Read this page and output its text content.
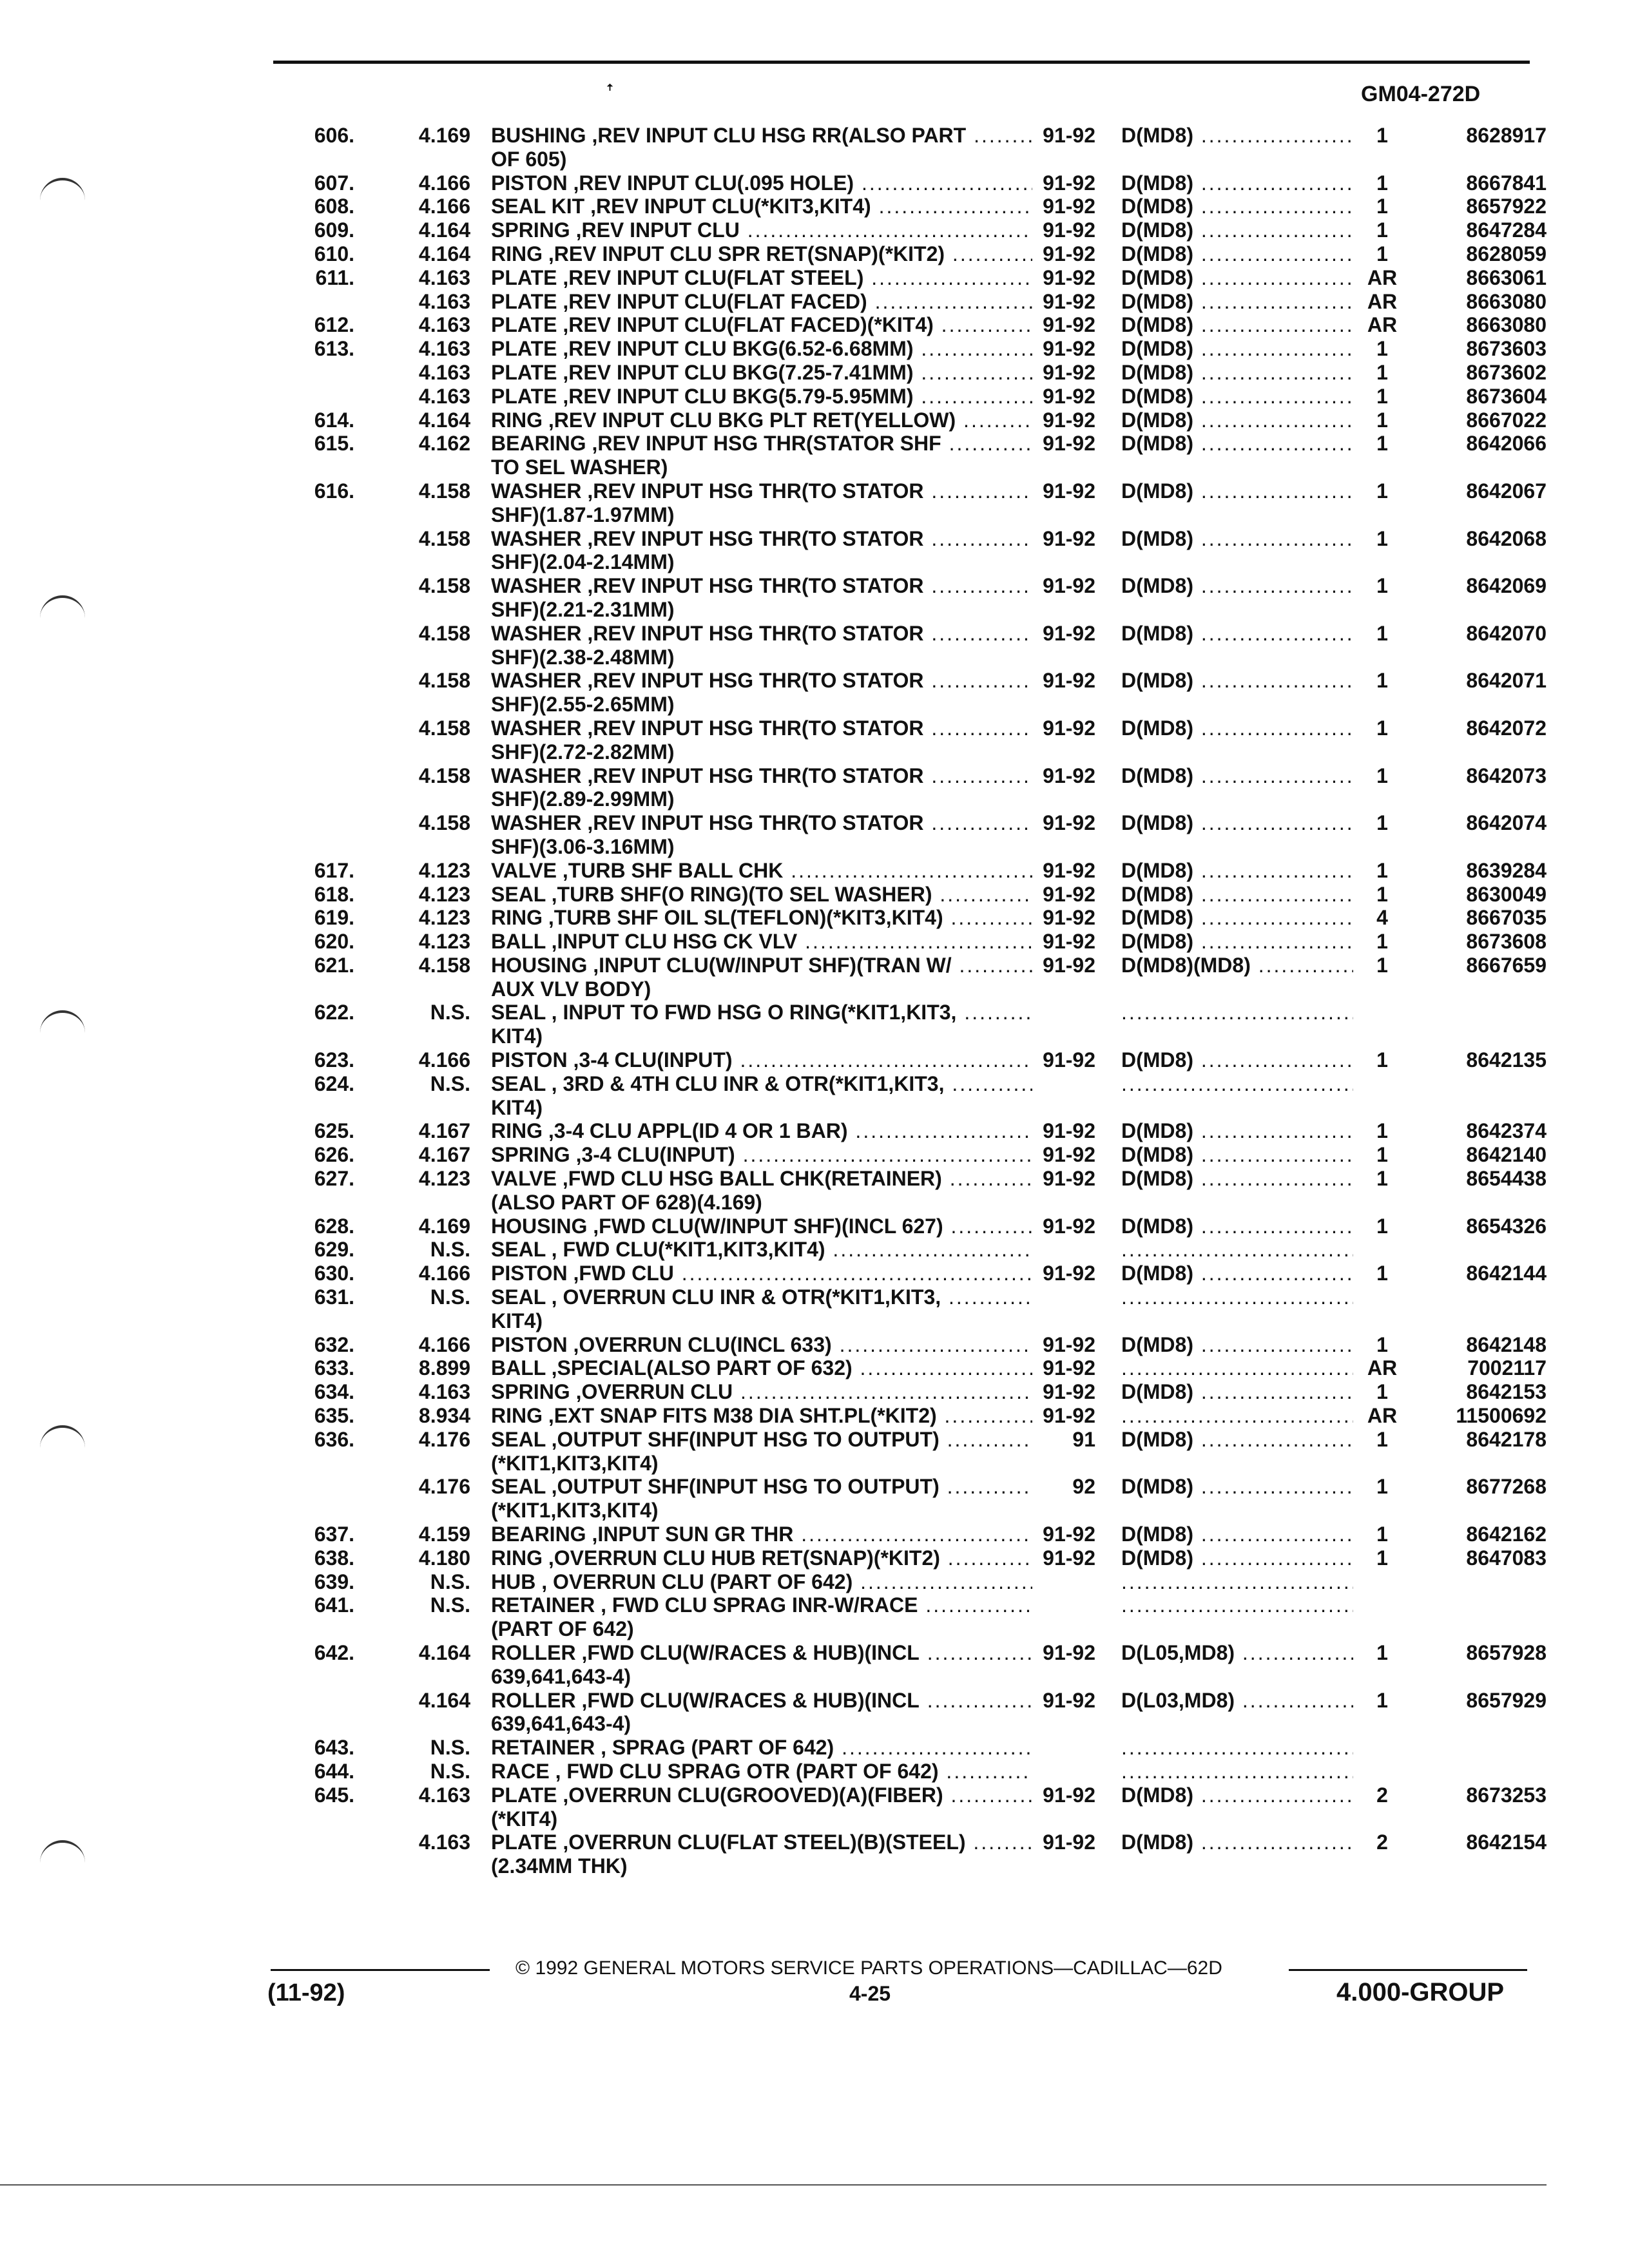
ꜛ	GM04-272D
606.	4.169 BUSHING ,REV INPUT CLU HSG RR(ALSO PART .....	91-92 D(MD8) .....	1	8628917
OF 605)
607.	4.166 PISTON ,REV INPUT CLU(.095 HOLE) .....	91-92 D(MD8) .....	1	8667841
608.	4.166 SEAL KIT ,REV INPUT CLU(*KIT3,KIT4) .....	91-92 D(MD8) .....	1	8657922
609.	4.164 SPRING ,REV INPUT CLU .....	91-92 D(MD8) .....	1	8647284
610.	4.164 RING ,REV INPUT CLU SPR RET(SNAP)(*KIT2) .....	91-92 D(MD8) .....	1	8628059
611.	4.163 PLATE ,REV INPUT CLU(FLAT STEEL) .....	91-92 D(MD8) .....	AR	8663061
4.163 PLATE ,REV INPUT CLU(FLAT FACED) .....	91-92 D(MD8) .....	AR	8663080
612.	4.163 PLATE ,REV INPUT CLU(FLAT FACED)(*KIT4) .....	91-92 D(MD8) .....	AR	8663080
613.	4.163 PLATE ,REV INPUT CLU BKG(6.52-6.68MM) .....	91-92 D(MD8) .....	1	8673603
4.163 PLATE ,REV INPUT CLU BKG(7.25-7.41MM) .....	91-92 D(MD8) .....	1	8673602
4.163 PLATE ,REV INPUT CLU BKG(5.79-5.95MM) .....	91-92 D(MD8) .....	1	8673604
614.	4.164 RING ,REV INPUT CLU BKG PLT RET(YELLOW) .....	91-92 D(MD8) .....	1	8667022
615.	4.162 BEARING ,REV INPUT HSG THR(STATOR SHF .....	91-92 D(MD8) .....	1	8642066
TO SEL WASHER)
616.	4.158 WASHER ,REV INPUT HSG THR(TO STATOR .....	91-92 D(MD8) .....	1	8642067
SHF)(1.87-1.97MM)
4.158 WASHER ,REV INPUT HSG THR(TO STATOR .....	91-92 D(MD8) .....	1	8642068
SHF)(2.04-2.14MM)
4.158 WASHER ,REV INPUT HSG THR(TO STATOR .....	91-92 D(MD8) .....	1	8642069
SHF)(2.21-2.31MM)
4.158 WASHER ,REV INPUT HSG THR(TO STATOR .....	91-92 D(MD8) .....	1	8642070
SHF)(2.38-2.48MM)
4.158 WASHER ,REV INPUT HSG THR(TO STATOR .....	91-92 D(MD8) .....	1	8642071
SHF)(2.55-2.65MM)
4.158 WASHER ,REV INPUT HSG THR(TO STATOR .....	91-92 D(MD8) .....	1	8642072
SHF)(2.72-2.82MM)
4.158 WASHER ,REV INPUT HSG THR(TO STATOR .....	91-92 D(MD8) .....	1	8642073
SHF)(2.89-2.99MM)
4.158 WASHER ,REV INPUT HSG THR(TO STATOR .....	91-92 D(MD8) .....	1	8642074
SHF)(3.06-3.16MM)
617.	4.123 VALVE ,TURB SHF BALL CHK .....	91-92 D(MD8) .....	1	8639284
618.	4.123 SEAL ,TURB SHF(O RING)(TO SEL WASHER) .....	91-92 D(MD8) .....	1	8630049
619.	4.123 RING ,TURB SHF OIL SL(TEFLON)(*KIT3,KIT4) .....	91-92 D(MD8) .....	4	8667035
620.	4.123 BALL ,INPUT CLU HSG CK VLV .....	91-92 D(MD8) .....	1	8673608
621.	4.158 HOUSING ,INPUT CLU(W/INPUT SHF)(TRAN W/ .....	91-92 D(MD8)(MD8) .....	1	8667659
AUX VLV BODY)
622.	N.S. SEAL , INPUT TO FWD HSG O RING(*KIT1,KIT3, .....
.....
KIT4)
623.	4.166 PISTON ,3-4 CLU(INPUT) .....	91-92 D(MD8) .....	1	8642135
624.	N.S. SEAL , 3RD & 4TH CLU INR & OTR(*KIT1,KIT3, .....
.....
KIT4)
625.	4.167 RING ,3-4 CLU APPL(ID 4 OR 1 BAR) .....	91-92 D(MD8) .....	1	8642374
626.	4.167 SPRING ,3-4 CLU(INPUT) .....	91-92 D(MD8) .....	1	8642140
627.	4.123 VALVE ,FWD CLU HSG BALL CHK(RETAINER) .....	91-92 D(MD8) .....	1	8654438
(ALSO PART OF 628)(4.169)
628.	4.169 HOUSING ,FWD CLU(W/INPUT SHF)(INCL 627) .....	91-92 D(MD8) .....	1	8654326
629.	N.S. SEAL , FWD CLU(*KIT1,KIT3,KIT4) .....
.....
630.	4.166 PISTON ,FWD CLU .....	91-92 D(MD8) .....	1	8642144
631.	N.S. SEAL , OVERRUN CLU INR & OTR(*KIT1,KIT3, .....
.....
KIT4)
632.	4.166 PISTON ,OVERRUN CLU(INCL 633) .....	91-92 D(MD8) .....	1	8642148
633.	8.899 BALL ,SPECIAL(ALSO PART OF 632) .....	91-92 .....	AR	7002117
634.	4.163 SPRING ,OVERRUN CLU .....	91-92 D(MD8) .....	1	8642153
635.	8.934 RING ,EXT SNAP FITS M38 DIA SHT.PL(*KIT2) .....	91-92 .....	AR	11500692
636.	4.176 SEAL ,OUTPUT SHF(INPUT HSG TO OUTPUT) .....	91 D(MD8) .....	1	8642178
(*KIT1,KIT3,KIT4)
4.176 SEAL ,OUTPUT SHF(INPUT HSG TO OUTPUT) .....	92 D(MD8) .....	1	8677268
(*KIT1,KIT3,KIT4)
637.	4.159 BEARING ,INPUT SUN GR THR .....	91-92 D(MD8) .....	1	8642162
638.	4.180 RING ,OVERRUN CLU HUB RET(SNAP)(*KIT2) .....	91-92 D(MD8) .....	1	8647083
639.	N.S. HUB , OVERRUN CLU (PART OF 642) .....
.....
641.	N.S. RETAINER , FWD CLU SPRAG INR-W/RACE .....
.....
(PART OF 642)
642.	4.164 ROLLER ,FWD CLU(W/RACES & HUB)(INCL .....	91-92 D(L05,MD8) .....	1	8657928
639,641,643-4)
4.164 ROLLER ,FWD CLU(W/RACES & HUB)(INCL .....	91-92 D(L03,MD8) .....	1	8657929
639,641,643-4)
643.	N.S. RETAINER , SPRAG (PART OF 642) .....
.....
644.	N.S. RACE , FWD CLU SPRAG OTR (PART OF 642) .....
.....
645.	4.163 PLATE ,OVERRUN CLU(GROOVED)(A)(FIBER) .....	91-92 D(MD8) .....	2	8673253
(*KIT4)
4.163 PLATE ,OVERRUN CLU(FLAT STEEL)(B)(STEEL) .....	91-92 D(MD8) .....	2	8642154
(2.34MM THK)
© 1992 GENERAL MOTORS SERVICE PARTS OPERATIONS—CADILLAC—62D
(11-92)	4-25	4.000-GROUP
